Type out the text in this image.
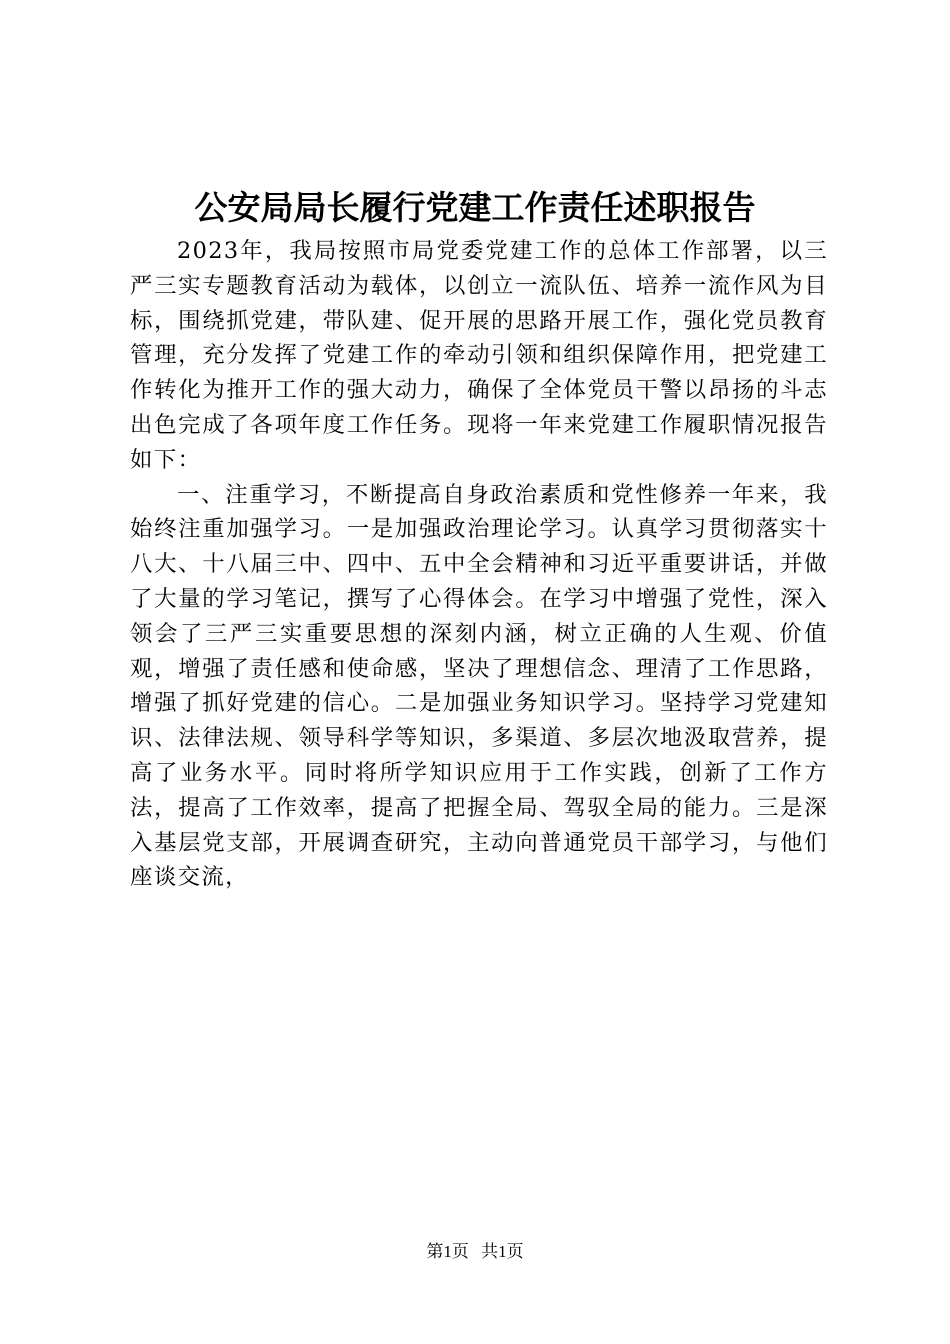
公安局局长履行党建工作责任述职报告

2023年，我局按照市局党委党建工作的总体工作部署，以三严三实专题教育活动为载体，以创立一流队伍、培养一流作风为目标，围绕抓党建，带队建、促开展的思路开展工作，强化党员教育管理，充分发挥了党建工作的牵动引领和组织保障作用，把党建工作转化为推开工作的强大动力，确保了全体党员干警以昂扬的斗志出色完成了各项年度工作任务。现将一年来党建工作履职情况报告如下：

一、注重学习，不断提高自身政治素质和党性修养一年来，我始终注重加强学习。一是加强政治理论学习。认真学习贯彻落实十八大、十八届三中、四中、五中全会精神和习近平重要讲话，并做了大量的学习笔记，撰写了心得体会。在学习中增强了党性，深入领会了三严三实重要思想的深刻内涵，树立正确的人生观、价值观，增强了责任感和使命感，坚决了理想信念、理清了工作思路，增强了抓好党建的信心。二是加强业务知识学习。坚持学习党建知识、法律法规、领导科学等知识，多渠道、多层次地汲取营养，提高了业务水平。同时将所学知识应用于工作实践，创新了工作方法，提高了工作效率，提高了把握全局、驾驭全局的能力。三是深入基层党支部，开展调查研究，主动向普通党员干部学习，与他们座谈交流，

第1页 共1页
